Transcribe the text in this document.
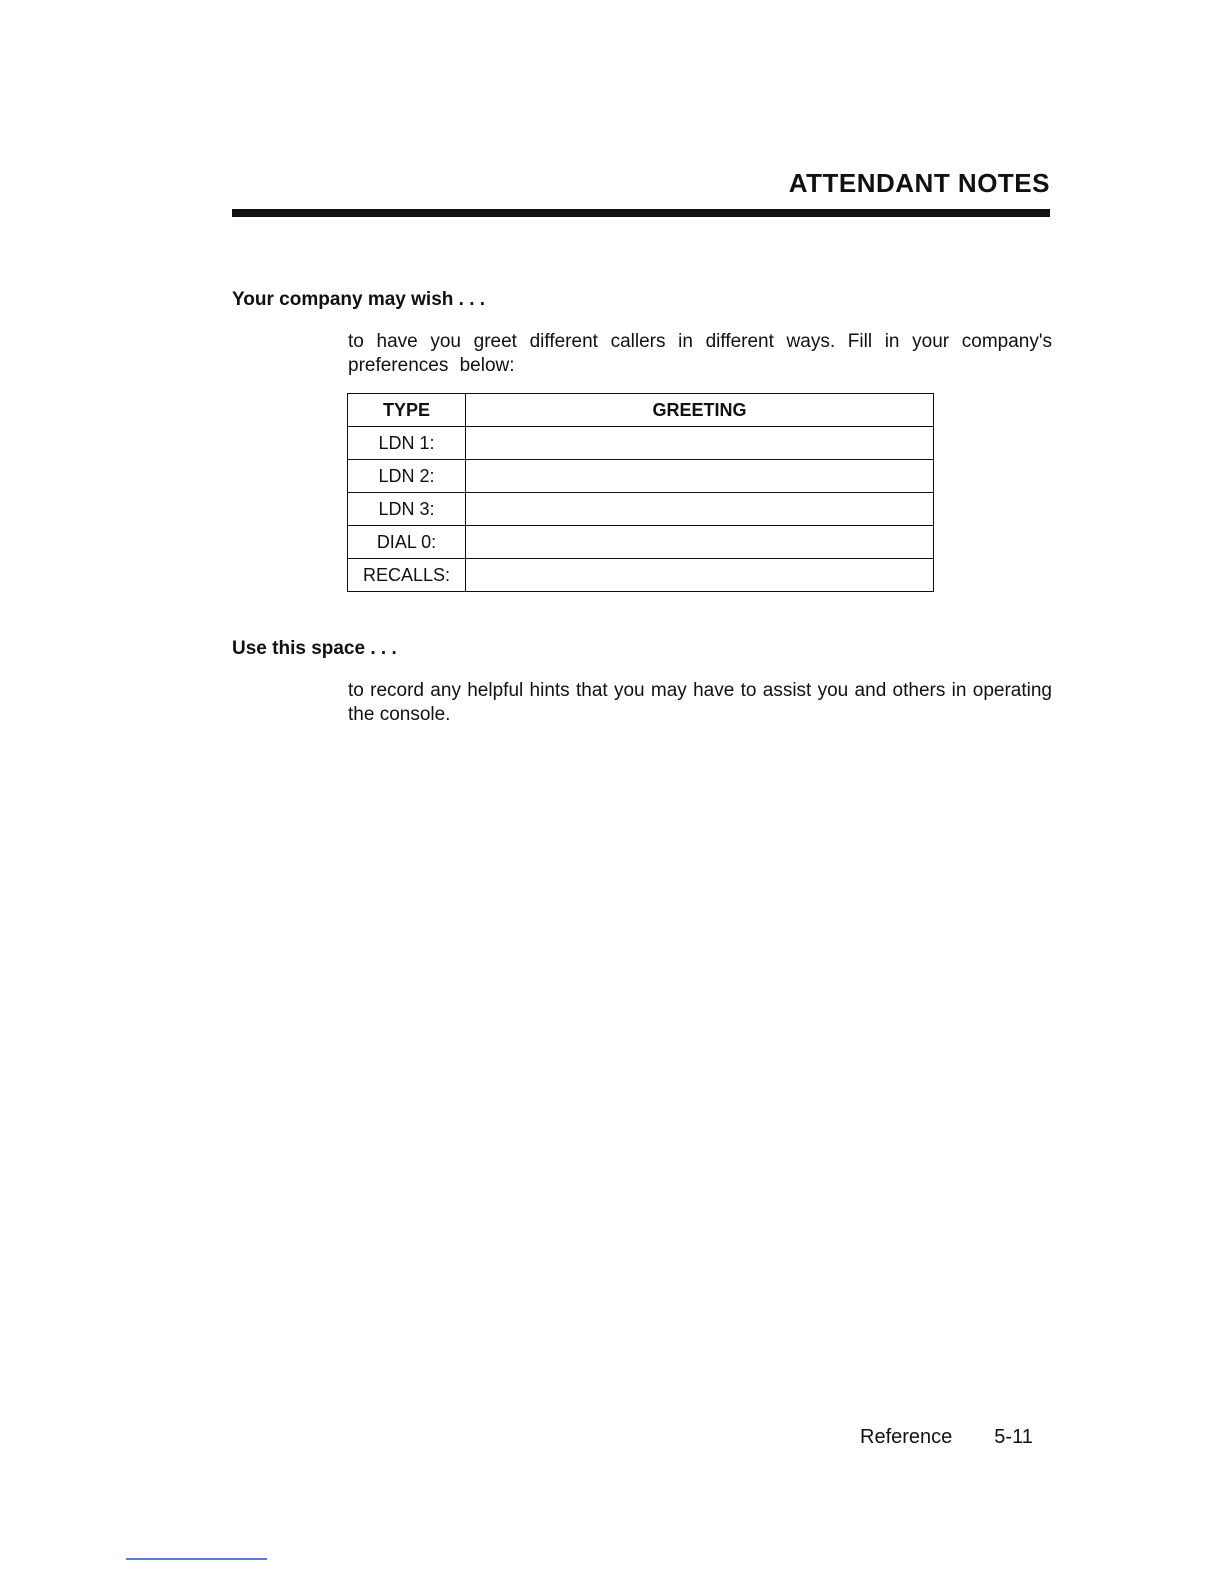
ATTENDANT NOTES
Your company may wish . . .

to have you greet different callers in different ways. Fill in your company's preferences below:

TYPE	GREETING
LDN 1:	
LDN 2:	
LDN 3:	
DIAL 0:	
RECALLS:	
Use this space . . .

to record any helpful hints that you may have to assist you and others in operating the console.

Reference 5-11
